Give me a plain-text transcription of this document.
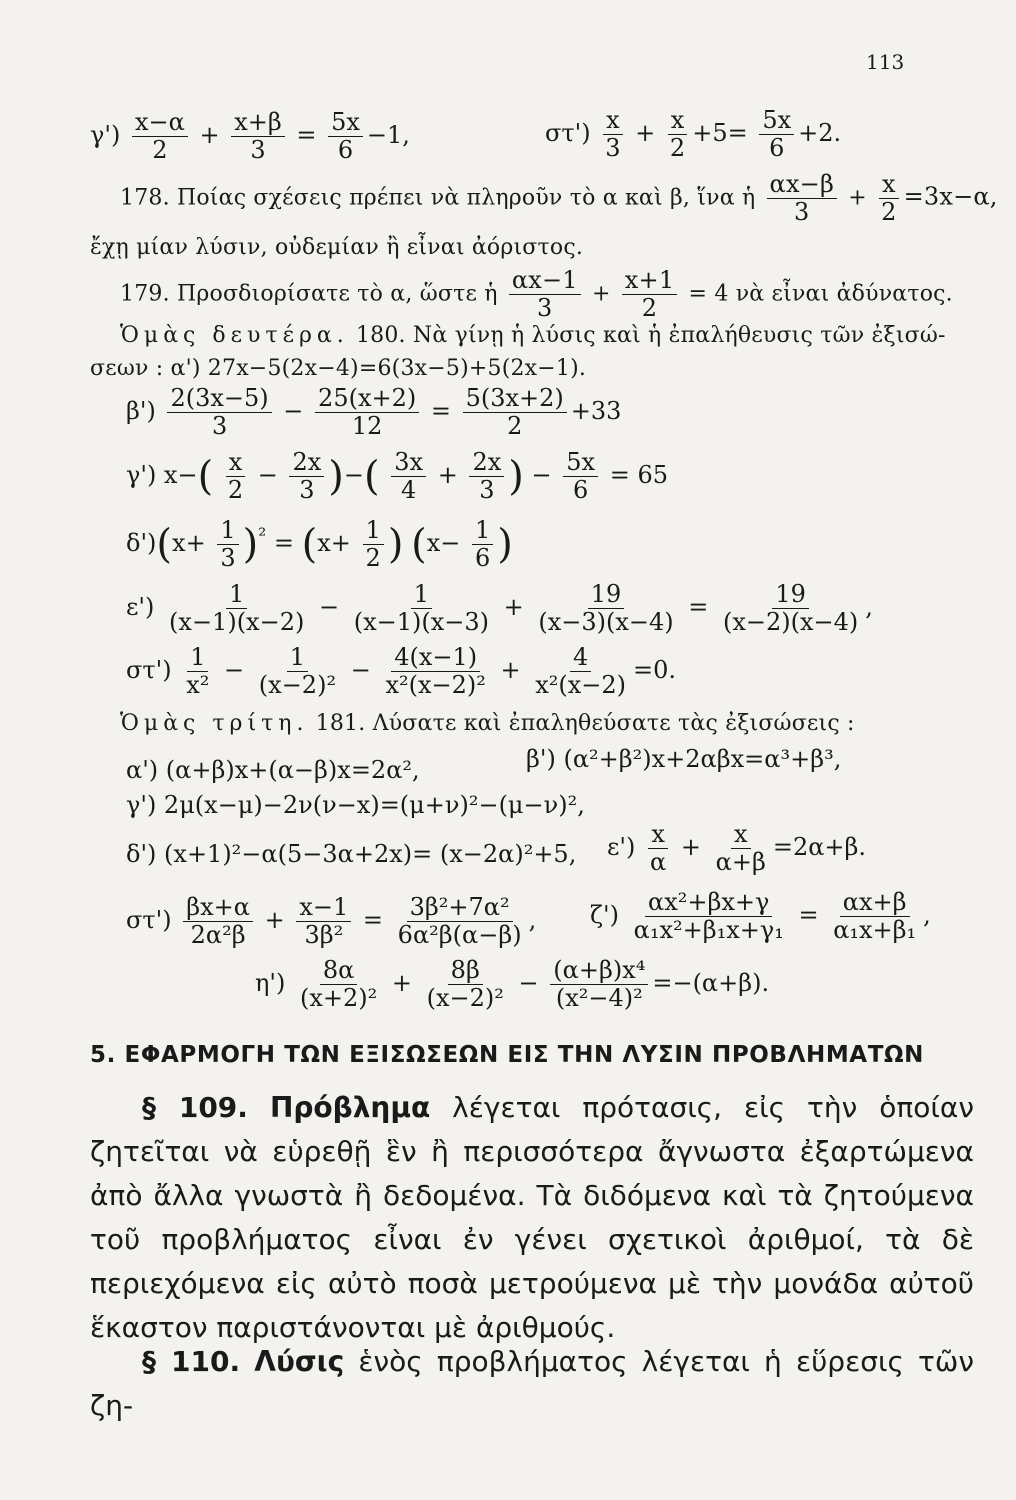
113
$\gamma') \frac{x-\alpha}{2} + \frac{x+\beta}{3} = \frac{5x}{6} -1$,	$\sigma\tau') \frac{x}{3} + \frac{x}{2} +5= \frac{5x}{6} +2$.
178. Ποίας σχέσεις πρέπει νὰ πληροῦν τὸ α καὶ β, ἵνα ἡ $\frac{\alpha x-\beta}{3} + \frac{x}{2} =3x-\alpha$,
ἔχῃ μίαν λύσιν, οὐδεμίαν ἢ εἶναι ἀόριστος.
179. Προσδιορίσατε τὸ α, ὥστε ἡ $\frac{\alpha x-1}{3} + \frac{x+1}{2} = 4$ νὰ εἶναι ἀδύνατος.
Ὁμὰς δευτέρα. 180. Νὰ γίνῃ ἡ λύσις καὶ ἡ ἐπαλήθευσις τῶν ἐξισώ-
σεων : α') 27x−5(2x−4)=6(3x−5)+5(2x−1).
$\beta') \frac{2(3x-5)}{3} - \frac{25(x+2)}{12} = \frac{5(3x+2)}{2} +33$
γ') $x-( \frac{x}{2} - \frac{2x}{3}$ )−( $\frac{3x}{4} + \frac{2x}{3}$ ) − $\frac{5x}{6} = 65$
$\delta')(x+ \frac{1}{3} )^{^2} = (x+ \frac{1}{2}$ ) ($x- \frac{1}{6}$ )
$\varepsilon') \frac{1}{(x-1)(x-2)} - \frac{1}{(x-1)(x-3)} + \frac{19}{(x-3)(x-4)} = \frac{19}{(x-2)(x-4)}$ ,
$\sigma\tau') \frac{1}{\text{x²}} - \frac{1}{\text{(x−2)²}} - \frac{4(x-1)}{\text{x²(x−2)²}} + \frac{4}{\text{x²(x−2)}} =0$.
Ὁμὰς τρίτη. 181. Λύσατε καὶ ἐπαληθεύσατε τὰς ἐξισώσεις :
α') (α+β)x+(α−β)x=2α²,	β') (α²+β²)x+2αβx=α³+β³,
γ') 2μ(x−μ)−2ν(ν−x)=(μ+ν)²−(μ−ν)²,
δ') (x+1)²−α(5−3α+2x)= (x−2α)²+5, $\varepsilon') \frac{x}{\alpha} + \frac{x}{\alpha+\beta} =2\alpha+\beta$.
$\sigma\tau') \frac{\beta x+\alpha}{\text{2α²β}} + \frac{x-1}{\text{3β²}} = \frac{\text{3β²+7α²}}{\text{6α²β(α−β)}}$ , $\zeta') \frac{\text{αx²+βx+γ}}{\text{α₁x²+β₁x+γ₁}} = \frac{\alpha x+\beta}{\text{α₁x+β₁}}$ ,
$\eta') \frac{8\alpha}{\text{(x+2)²}} + \frac{8\beta}{\text{(x−2)²}} - \frac{\text{(α+β)x⁴}}{\text{(x²−4)²}} =-(\alpha+\beta)$.
5. ΕΦΑΡΜΟΓΗ ΤΩΝ ΕΞΙΣΩΣΕΩΝ ΕΙΣ ΤΗΝ ΛΥΣΙΝ ΠΡΟΒΛΗΜΑΤΩΝ
§ 109. Πρόβλημα λέγεται πρότασις, εἰς τὴν ὁποίαν ζητεῖται νὰ εὑρεθῇ ἓν ἢ περισσότερα ἄγνωστα ἐξαρτώμενα ἀπὸ ἄλλα γνωστὰ ἢ δεδομένα. Τὰ διδόμενα καὶ τὰ ζητούμενα τοῦ προβλήματος εἶναι ἐν γένει σχετικοὶ ἀριθμοί, τὰ δὲ περιεχόμενα εἰς αὐτὸ ποσὰ μετρούμενα μὲ τὴν μονάδα αὐτοῦ ἕκαστον παριστάνονται μὲ ἀριθμούς.
§ 110. Λύσις ἑνὸς προβλήματος λέγεται ἡ εὕρεσις τῶν ζη-
